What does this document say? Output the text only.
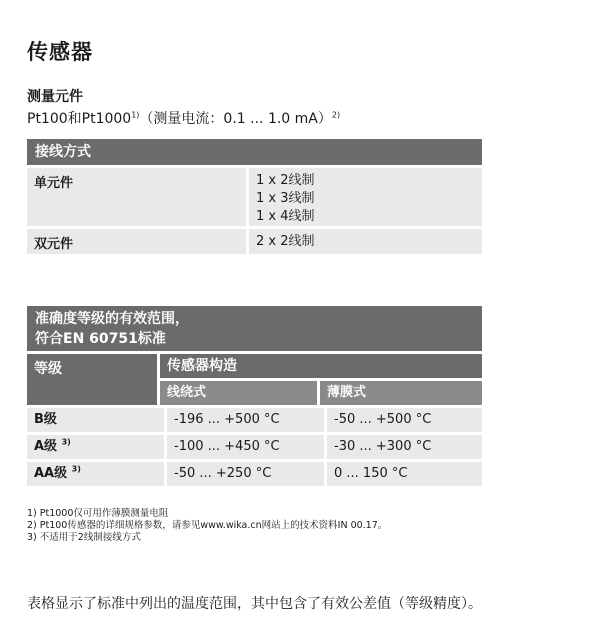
传感器
测量元件
Pt100和Pt1000$^{1)}$（测量电流：0.1 ... 1.0 mA）$^{2)}$
接线方式
单元件	1 x 2线制
1 x 3线制
1 x 4线制
双元件	2 x 2线制
准确度等级的有效范围，
符合EN 60751标准
等级	传感器构造
线绕式	薄膜式
B级	-196 ... +500 °C	-50 ... +500 °C
A级 $^{3)}$	-100 ... +450 °C	-30 ... +300 °C
AA级 $^{3)}$	-50 ... +250 °C	0 ... 150 °C
1) Pt1000仅可用作薄膜测量电阻
2) Pt100传感器的详细规格参数，请参见www.wika.cn网站上的技术资料IN 00.17。
3) 不适用于2线制接线方式
表格显示了标准中列出的温度范围，其中包含了有效公差值（等级精度）。
